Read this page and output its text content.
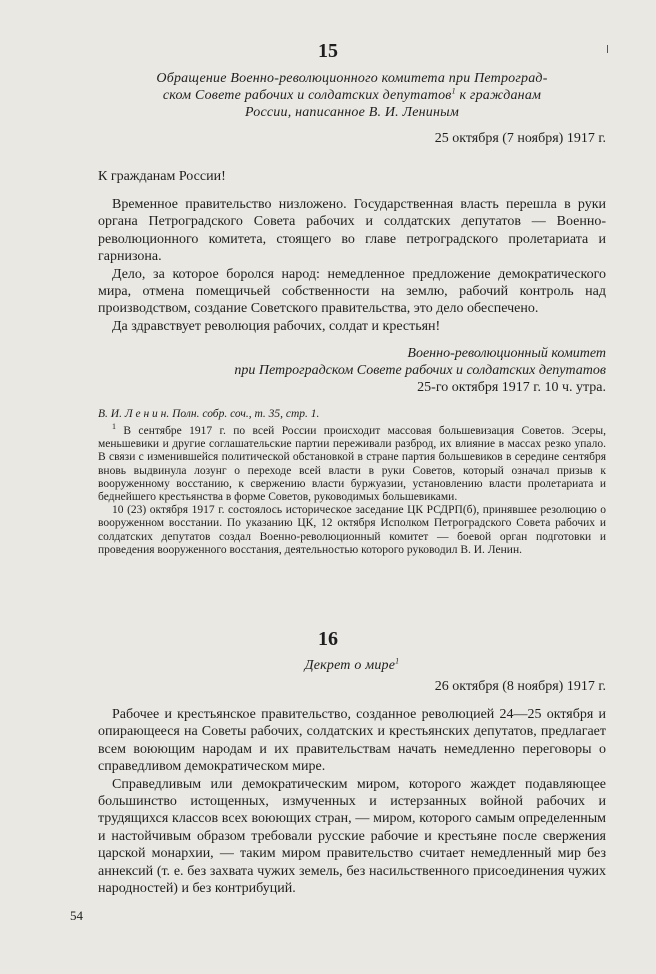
15
Обращение Военно-революционного комитета при Петроград-
ском Совете рабочих и солдатских депутатов$^1$ к гражданам
России, написанное В. И. Лениным
25 октября (7 ноября) 1917 г.
К гражданам России!

Временное правительство низложено. Государственная власть перешла в руки органа Петроградского Совета рабочих и солдатских депутатов — Военно-революционного комитета, стоящего во главе петроградского пролетариата и гарнизона.

Дело, за которое боролся народ: немедленное предложение демократического мира, отмена помещичьей собственности на землю, рабочий контроль над производством, создание Советского правительства, это дело обеспечено.

Да здравствует революция рабочих, солдат и крестьян!

Военно-революционный комитет
при Петроградском Совете рабочих и солдатских депутатов
25-го октября 1917 г. 10 ч. утра.
В. И. Л е н и н. Полн. собр. соч., т. 35, стр. 1.

$^1$ В сентябре 1917 г. по всей России происходит массовая большевизация Советов. Эсеры, меньшевики и другие соглашательские партии переживали разброд, их влияние в массах резко упало. В связи с изменившейся политической обстановкой в стране партия большевиков в середине сентября вновь выдвинула лозунг о переходе всей власти в руки Советов, который означал призыв к вооруженному восстанию, к свержению власти буржуазии, установлению власти пролетариата и беднейшего крестьянства в форме Советов, руководимых большевиками.

10 (23) октября 1917 г. состоялось историческое заседание ЦК РСДРП(б), принявшее резолюцию о вооруженном восстании. По указанию ЦК, 12 октября Исполком Петроградского Совета рабочих и солдатских депутатов создал Военно-революционный комитет — боевой орган подготовки и проведения вооруженного восстания, деятельностью которого руководил В. И. Ленин.

16
Декрет о мире$^1$
26 октября (8 ноября) 1917 г.

Рабочее и крестьянское правительство, созданное революцией 24—25 октября и опирающееся на Советы рабочих, солдатских и крестьянских депутатов, предлагает всем воюющим народам и их правительствам начать немедленно переговоры о справедливом демократическом мире.

Справедливым или демократическим миром, которого жаждет подавляющее большинство истощенных, измученных и истерзанных войной рабочих и трудящихся классов всех воюющих стран, — миром, которого самым определенным и настойчивым образом требовали русские рабочие и крестьяне после свержения царской монархии, — таким миром правительство считает немедленный мир без аннексий (т. е. без захвата чужих земель, без насильственного присоединения чужих народностей) и без контрибуций.

54
